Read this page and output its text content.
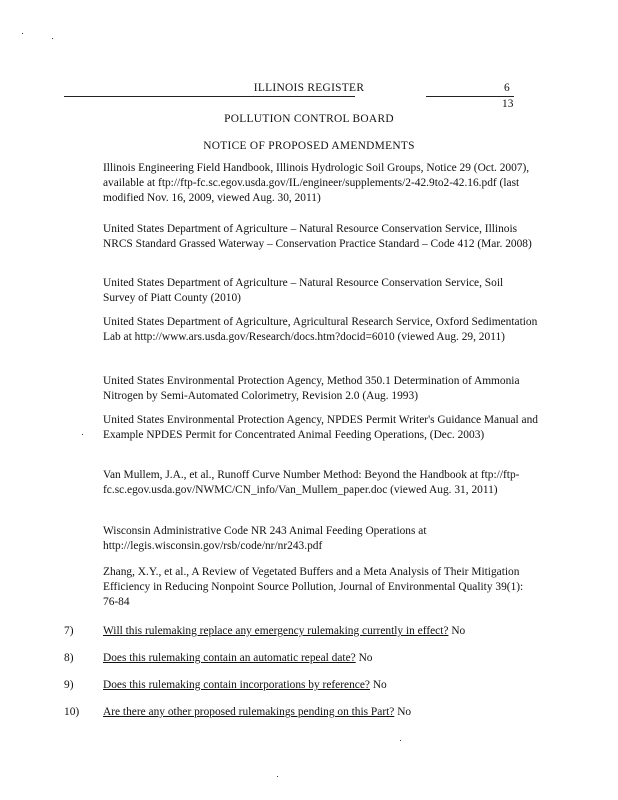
ILLINOIS REGISTER	6
13
POLLUTION CONTROL BOARD
NOTICE OF PROPOSED AMENDMENTS
Illinois Engineering Field Handbook, Illinois Hydrologic Soil Groups, Notice 29 (Oct. 2007), available at ftp://ftp-fc.sc.egov.usda.gov/IL/engineer/supplements/2-42.9to2-42.16.pdf (last modified Nov. 16, 2009, viewed Aug. 30, 2011)
United States Department of Agriculture – Natural Resource Conservation Service, Illinois NRCS Standard Grassed Waterway – Conservation Practice Standard – Code 412 (Mar. 2008)
United States Department of Agriculture – Natural Resource Conservation Service, Soil Survey of Piatt County (2010)
United States Department of Agriculture, Agricultural Research Service, Oxford Sedimentation Lab at http://www.ars.usda.gov/Research/docs.htm?docid=6010 (viewed Aug. 29, 2011)
United States Environmental Protection Agency, Method 350.1 Determination of Ammonia Nitrogen by Semi-Automated Colorimetry, Revision 2.0 (Aug. 1993)
United States Environmental Protection Agency, NPDES Permit Writer's Guidance Manual and Example NPDES Permit for Concentrated Animal Feeding Operations, (Dec. 2003)
Van Mullem, J.A., et al., Runoff Curve Number Method: Beyond the Handbook at ftp://ftp-fc.sc.egov.usda.gov/NWMC/CN_info/Van_Mullem_paper.doc (viewed Aug. 31, 2011)
Wisconsin Administrative Code NR 243 Animal Feeding Operations at http://legis.wisconsin.gov/rsb/code/nr/nr243.pdf
Zhang, X.Y., et al., A Review of Vegetated Buffers and a Meta Analysis of Their Mitigation Efficiency in Reducing Nonpoint Source Pollution, Journal of Environmental Quality 39(1): 76-84
7)	Will this rulemaking replace any emergency rulemaking currently in effect? No
8)	Does this rulemaking contain an automatic repeal date? No
9)	Does this rulemaking contain incorporations by reference? No
10) Are there any other proposed rulemakings pending on this Part? No
